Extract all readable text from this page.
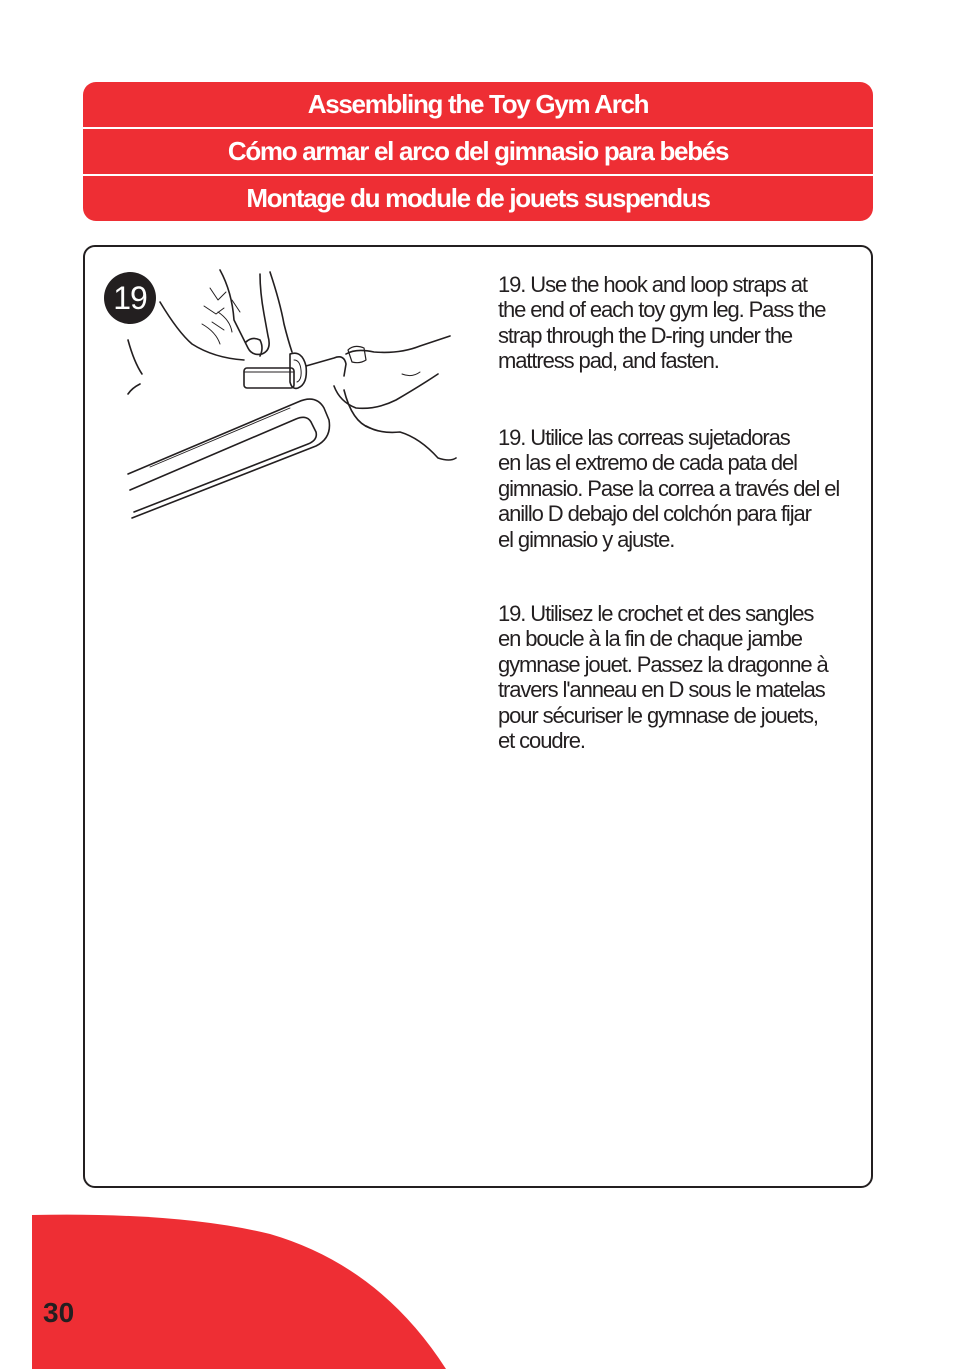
Assembling the Toy Gym Arch
Cómo armar el arco del gimnasio para bebés
Montage du module de jouets suspendus
19	19. Use the hook and loop straps at
the end of each toy gym leg. Pass the
strap through the D-ring under the
mattress pad, and fasten.

19. Utilice las correas sujetadoras
en las el extremo de cada pata del
gimnasio. Pase la correa a través del el
anillo D debajo del colchón para fijar
el gimnasio y ajuste.

19. Utilisez le crochet et des sangles
en boucle à la fin de chaque jambe
gymnase jouet. Passez la dragonne à
travers l'anneau en D sous le matelas
pour sécuriser le gymnase de jouets,
et coudre.

30
